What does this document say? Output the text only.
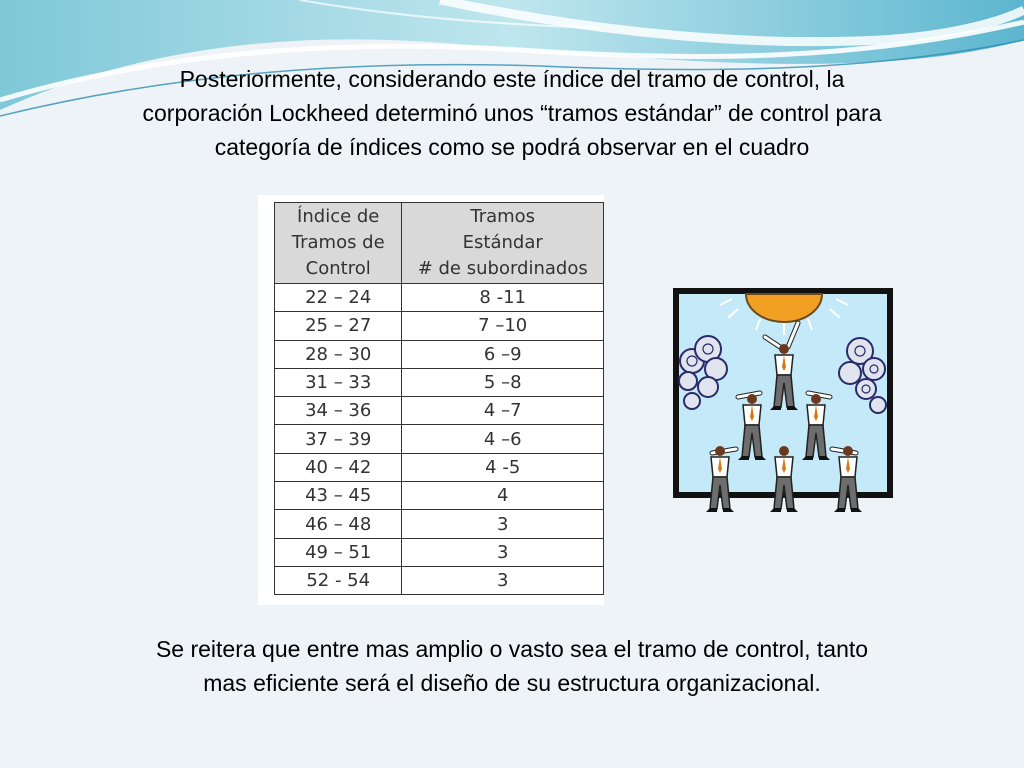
Posteriormente, considerando este índice del tramo de control, la
corporación Lockheed determinó unos “tramos estándar” de control para
categoría de índices como se podrá observar en el cuadro

Índice de
Tramos de
Control	Tramos
Estándar
# de subordinados
22 – 24	8 -11
25 – 27	7 –10
28 – 30	6 –9
31 – 33	5 –8
34 – 36	4 –7
37 – 39	4 –6
40 – 42	4 -5
43 – 45	4
46 – 48	3
49 – 51	3
52 - 54	3

Se reitera que entre mas amplio o vasto sea el tramo de control, tanto
mas eficiente será el diseño de su estructura organizacional.
